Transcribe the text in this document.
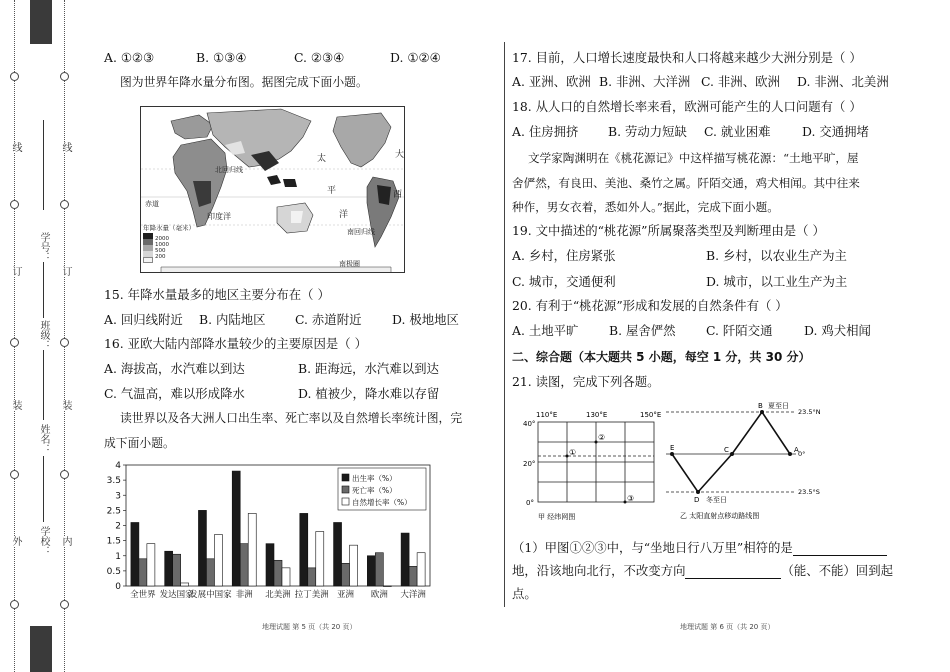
线
订
装
外
线
订
装
内
学号：
班级：
姓名：
学校：
A. ①②③	B. ①③④	C. ②③④	D. ①②④
图为世界年降水量分布图。据图完成下面小题。
北回归线
太
平
洋
大
西
印度洋
赤道
南回归线
南极圈
年降水量（毫米）
2000
1000
500
200
15. 年降水量最多的地区主要分布在（ ）
A. 回归线附近 B. 内陆地区 C. 赤道附近 D. 极地地区
16. 亚欧大陆内部降水量较少的主要原因是（ ）
A. 海拔高，水汽难以到达	B. 距海远，水汽难以到达
C. 气温高，难以形成降水	D. 植被少，降水难以存留
读世界以及各大洲人口出生率、死亡率以及自然增长率统计图，完
成下面小题。
0
0.5
1
1.5
2
2.5
3
3.5
4
全世界 发达国家
发展中国家 非洲 北美洲 拉丁美洲 亚洲 欧洲 大洋洲
出生率（%）
死亡率（%）
自然增长率（%）
17. 目前，人口增长速度最快和人口将越来越少大洲分别是（ ）
A. 亚洲、欧洲 B. 非洲、大洋洲 C. 非洲、欧洲 D. 非洲、北美洲
18. 从人口的自然增长率来看，欧洲可能产生的人口问题有（ ）
A. 住房拥挤 B. 劳动力短缺 C. 就业困难	D. 交通拥堵
文学家陶渊明在《桃花源记》中这样描写桃花源：“土地平旷，屋
舍俨然，有良田、美池、桑竹之属。阡陌交通，鸡犬相闻。其中往来
种作，男女衣着，悉如外人。”据此，完成下面小题。
19. 文中描述的“桃花源”所属聚落类型及判断理由是（ ）
A. 乡村，住房紧张	B. 乡村，以农业生产为主
C. 城市，交通便利	D. 城市，以工业生产为主
20. 有利于“桃花源”形成和发展的自然条件有（ ）
A. 土地平旷 B. 屋舍俨然 C. 阡陌交通	D. 鸡犬相闻
二、综合题（本大题共 5 小题，每空 1 分，共 30 分）
21. 读图，完成下列各题。
110°E	130°E	150°E
40°
20°
0°
①
②
③
甲 经纬网图
B 夏至日
23.5°N
0°
23.5°S
A
C
D 冬至日
E
乙 太阳直射点移动路线图
（1）甲图①②③中，与“坐地日行八万里”相符的是
地，沿该地向北行，不改变方向	（能、不能）回到起
点。
地理试题 第 5 页（共 20 页）	地理试题 第 6 页（共 20 页）
